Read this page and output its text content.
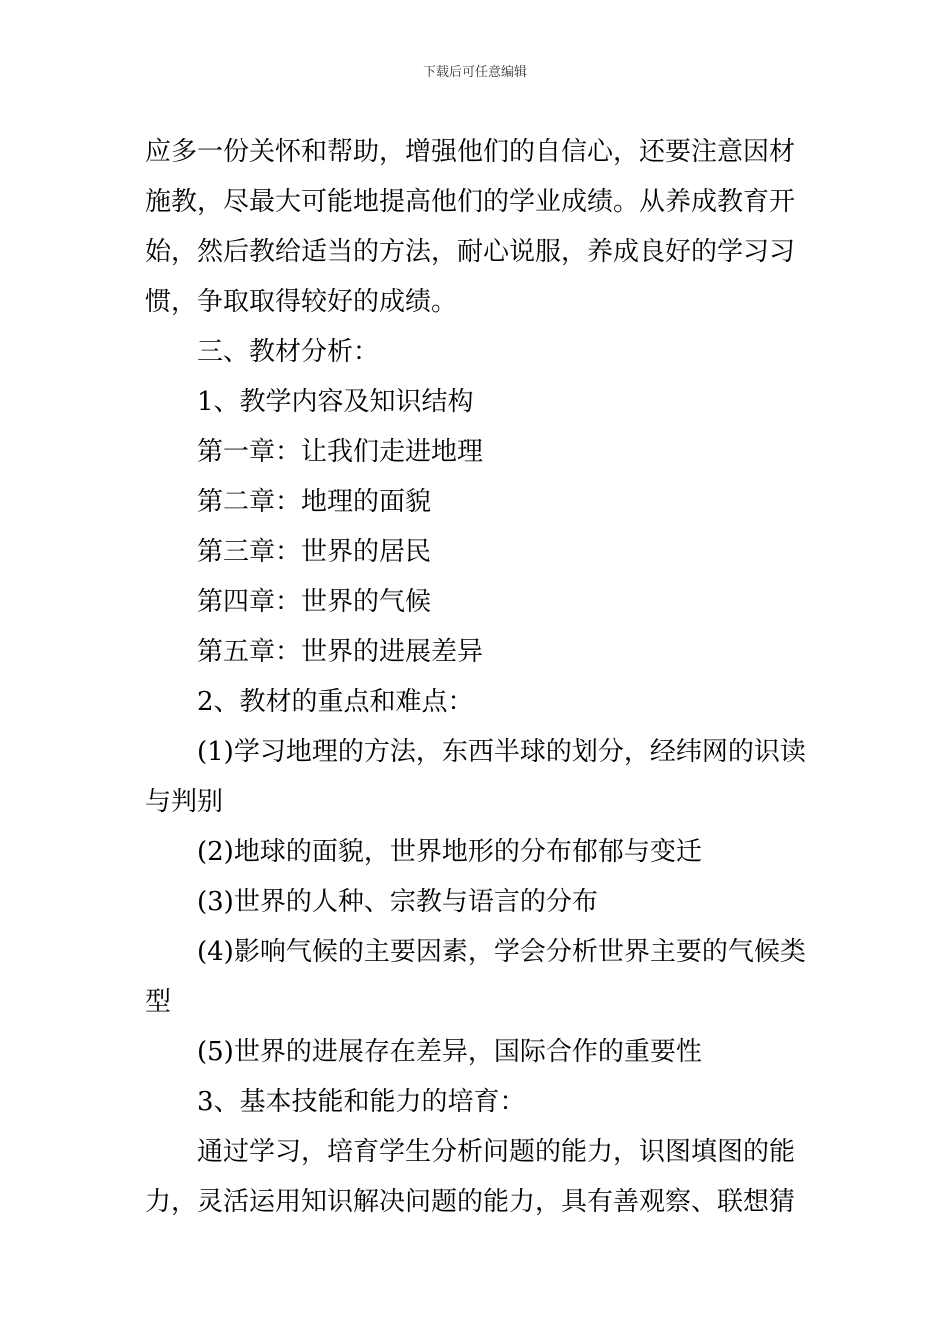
下载后可任意编辑
应多一份关怀和帮助，增强他们的自信心，还要注意因材
施教，尽最大可能地提高他们的学业成绩。从养成教育开
始，然后教给适当的方法，耐心说服，养成良好的学习习
惯，争取取得较好的成绩。
三、教材分析：
1、教学内容及知识结构
第一章：让我们走进地理
第二章：地理的面貌
第三章：世界的居民
第四章：世界的气候
第五章：世界的进展差异
2、教材的重点和难点：
(1)学习地理的方法，东西半球的划分，经纬网的识读
与判别
(2)地球的面貌，世界地形的分布郁郁与变迁
(3)世界的人种、宗教与语言的分布
(4)影响气候的主要因素，学会分析世界主要的气候类
型
(5)世界的进展存在差异，国际合作的重要性
3、基本技能和能力的培育：
通过学习，培育学生分析问题的能力，识图填图的能
力，灵活运用知识解决问题的能力，具有善观察、联想猜
